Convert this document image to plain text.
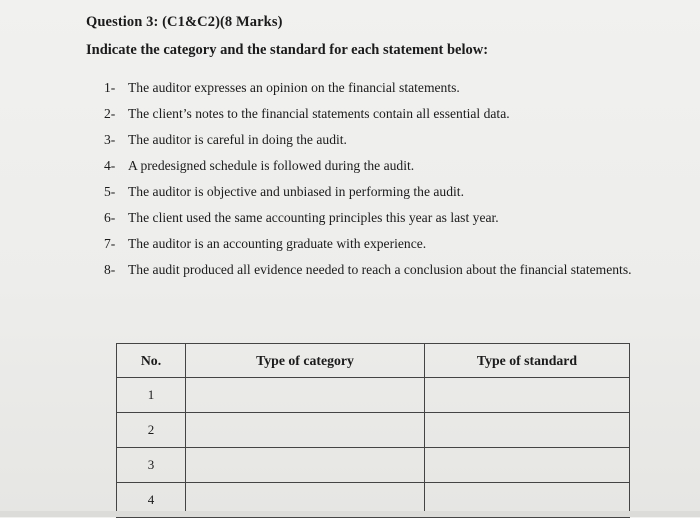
Question 3: (C1&C2)(8 Marks)
Indicate the category and the standard for each statement below:
1- The auditor expresses an opinion on the financial statements.
2- The client’s notes to the financial statements contain all essential data.
3- The auditor is careful in doing the audit.
4- A predesigned schedule is followed during the audit.
5- The auditor is objective and unbiased in performing the audit.
6- The client used the same accounting principles this year as last year.
7- The auditor is an accounting graduate with experience.
8- The audit produced all evidence needed to reach a conclusion about the financial statements.
No.	Type of category	Type of standard
1		
2		
3		
4		
